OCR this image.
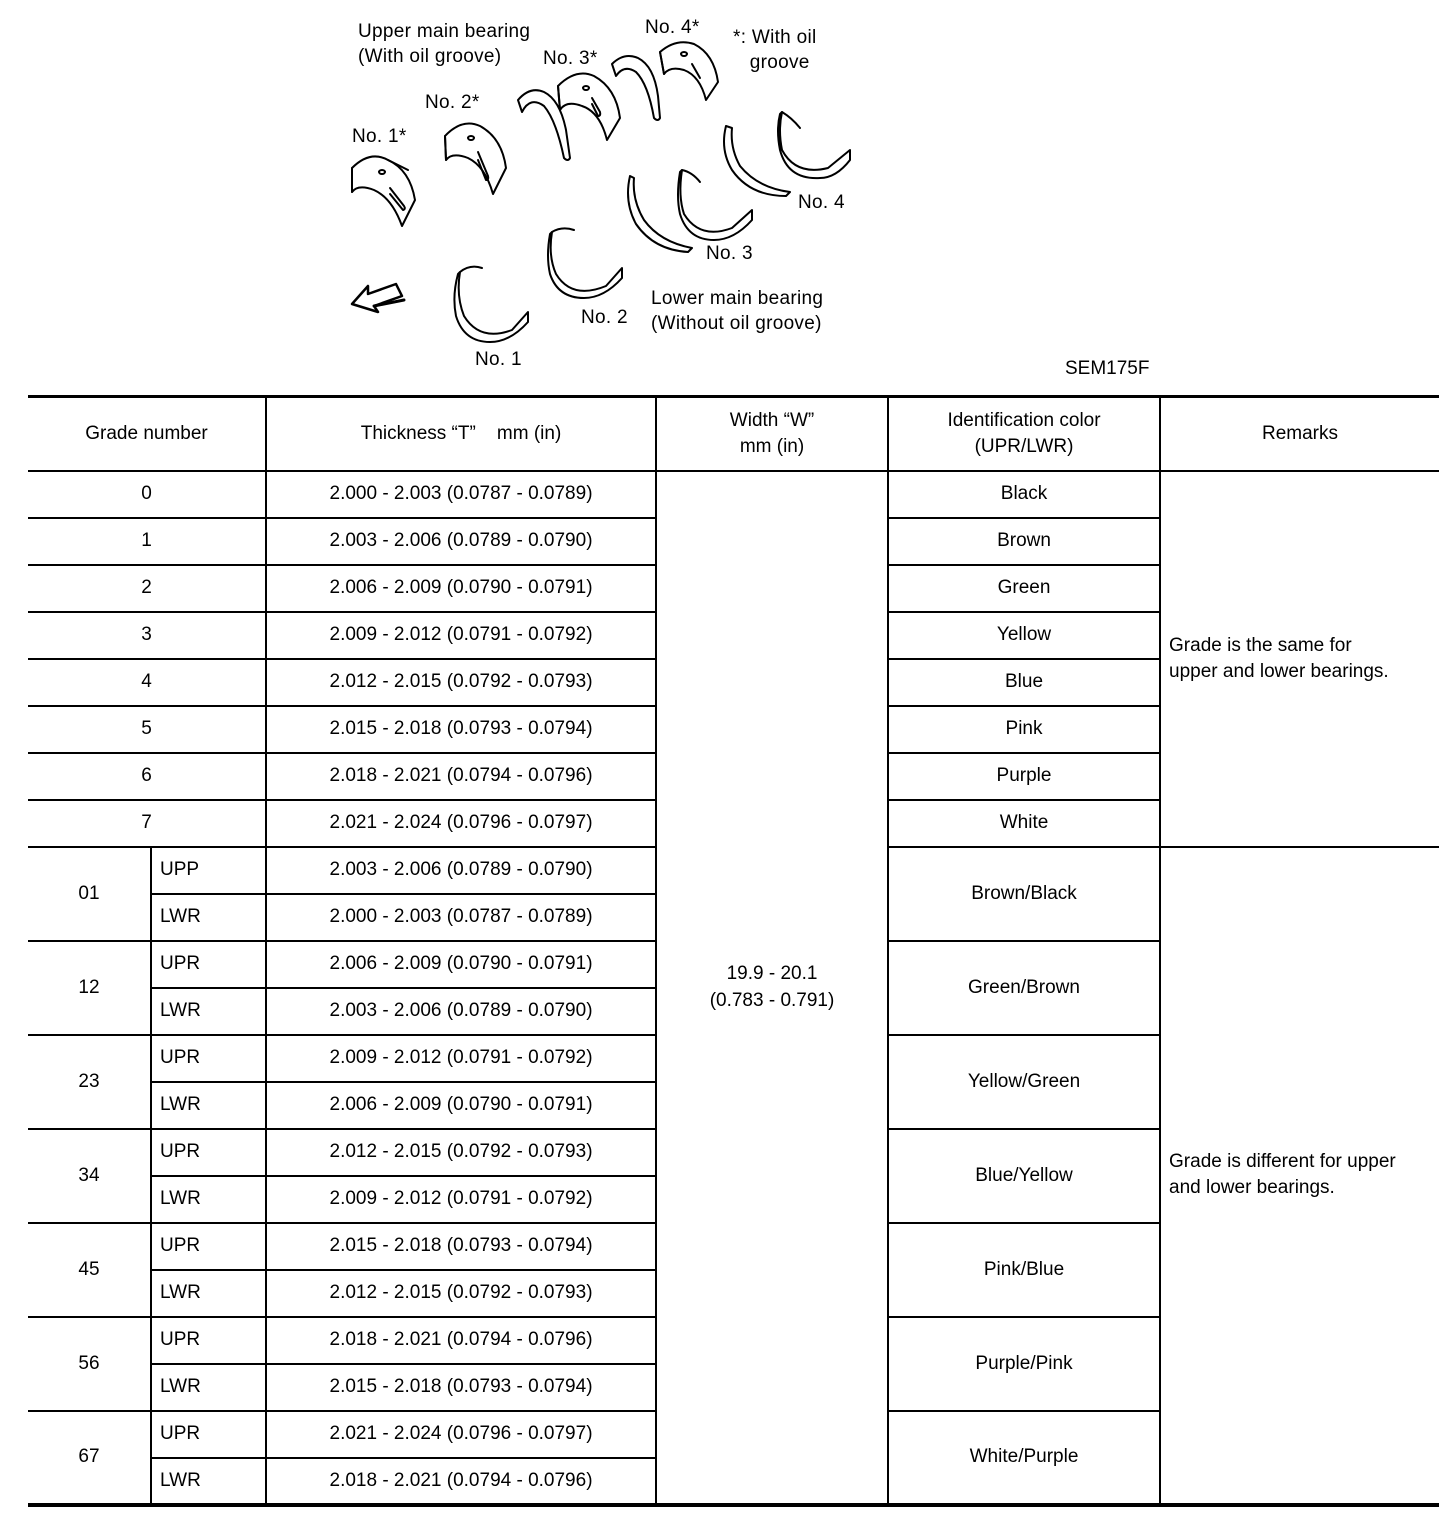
Upper main bearing
(With oil groove)
*: With oil
groove
No. 1*
No. 2*
No. 3*
No. 4*
No. 4
No. 3
No. 2
No. 1
Lower main bearing
(Without oil groove)
SEM175F
Grade number		Thickness “T”    mm (in)	Width “W”
mm (in)	Identification color
(UPR/LWR)	Remarks
0		2.000 - 2.003 (0.0787 - 0.0789)	19.9 - 20.1
(0.783 - 0.791)	Black	Grade is the same for
upper and lower bearings.
1		2.003 - 2.006 (0.0789 - 0.0790)		Brown	
2		2.006 - 2.009 (0.0790 - 0.0791)		Green	
3		2.009 - 2.012 (0.0791 - 0.0792)		Yellow	
4		2.012 - 2.015 (0.0792 - 0.0793)		Blue	
5		2.015 - 2.018 (0.0793 - 0.0794)		Pink	
6		2.018 - 2.021 (0.0794 - 0.0796)		Purple	
7		2.021 - 2.024 (0.0796 - 0.0797)		White	
01	UPP	2.003 - 2.006 (0.0789 - 0.0790)		Brown/Black	Grade is different for upper
and lower bearings.
	LWR	2.000 - 2.003 (0.0787 - 0.0789)			
12	UPR	2.006 - 2.009 (0.0790 - 0.0791)		Green/Brown	
	LWR	2.003 - 2.006 (0.0789 - 0.0790)			
23	UPR	2.009 - 2.012 (0.0791 - 0.0792)		Yellow/Green	
	LWR	2.006 - 2.009 (0.0790 - 0.0791)			
34	UPR	2.012 - 2.015 (0.0792 - 0.0793)		Blue/Yellow	
	LWR	2.009 - 2.012 (0.0791 - 0.0792)			
45	UPR	2.015 - 2.018 (0.0793 - 0.0794)		Pink/Blue	
	LWR	2.012 - 2.015 (0.0792 - 0.0793)			
56	UPR	2.018 - 2.021 (0.0794 - 0.0796)		Purple/Pink	
	LWR	2.015 - 2.018 (0.0793 - 0.0794)			
67	UPR	2.021 - 2.024 (0.0796 - 0.0797)		White/Purple	
	LWR	2.018 - 2.021 (0.0794 - 0.0796)			
